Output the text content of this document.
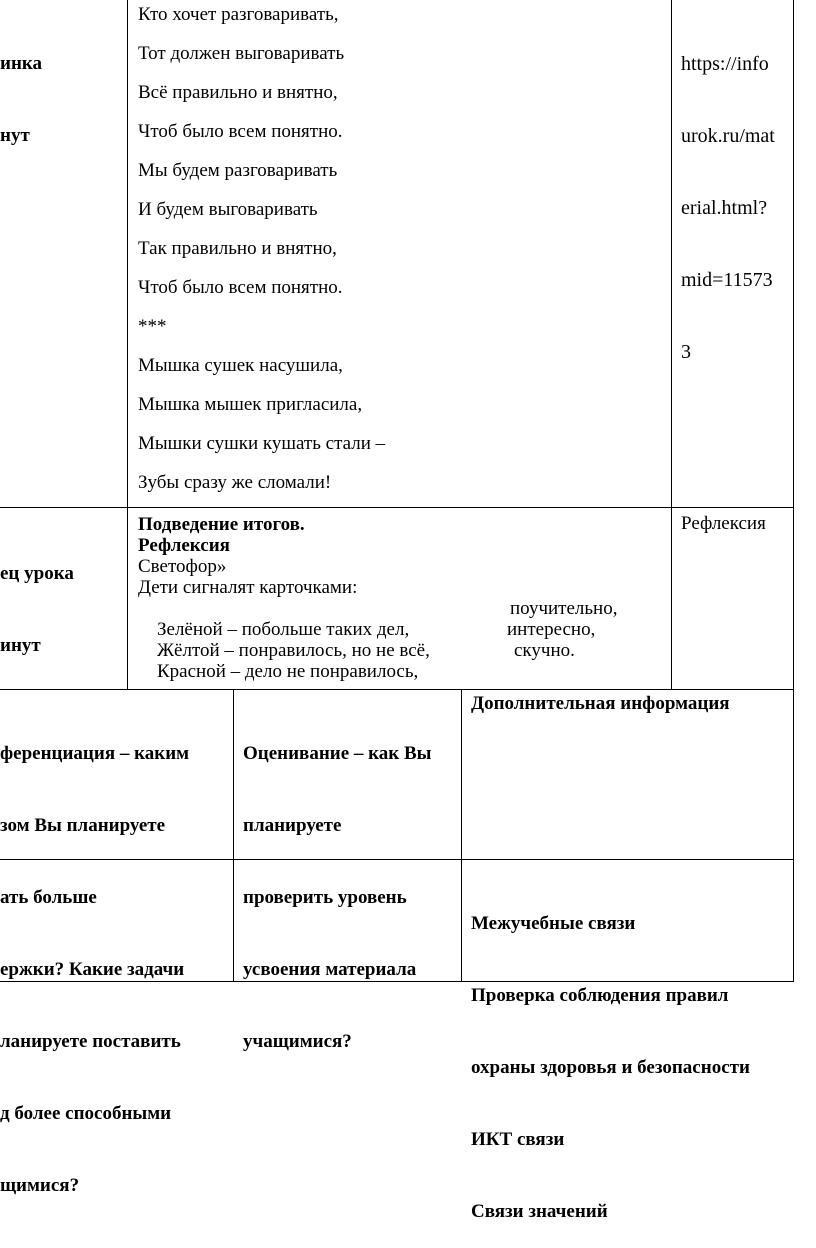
инка

нут

Кто хочет разговаривать,
Тот должен выговаривать
Всё правильно и внятно,
Чтоб было всем понятно.
Мы будем разговаривать
И будем выговаривать
Так правильно и внятно,
Чтоб было всем понятно.
***
Мышка сушек насушила,
Мышка мышек пригласила,
Мышки сушки кушать стали –
Зубы сразу же сломали!

https://info

urok.ru/mat

erial.html?

mid=11573

3

ец урока

инут

Подведение итогов.
Рефлексия
Светофор»
Дети сигналят карточками:

Зелёной – побольше таких дел,

поучительно,

Жёлтой – понравилось, но не всё,

интересно,

Красной – дело не понравилось,

скучно.

Рефлексия

ференциация – каким

зом Вы планируете

ать больше

ержки? Какие задачи

ланируете поставить

д более способными

щимися?

Оценивание – как Вы

планируете

проверить уровень

усвоения материала

учащимися?

Дополнительная информация

Межучебные связи

Проверка соблюдения правил

охраны здоровья и безопасности

ИКТ связи

Связи значений
